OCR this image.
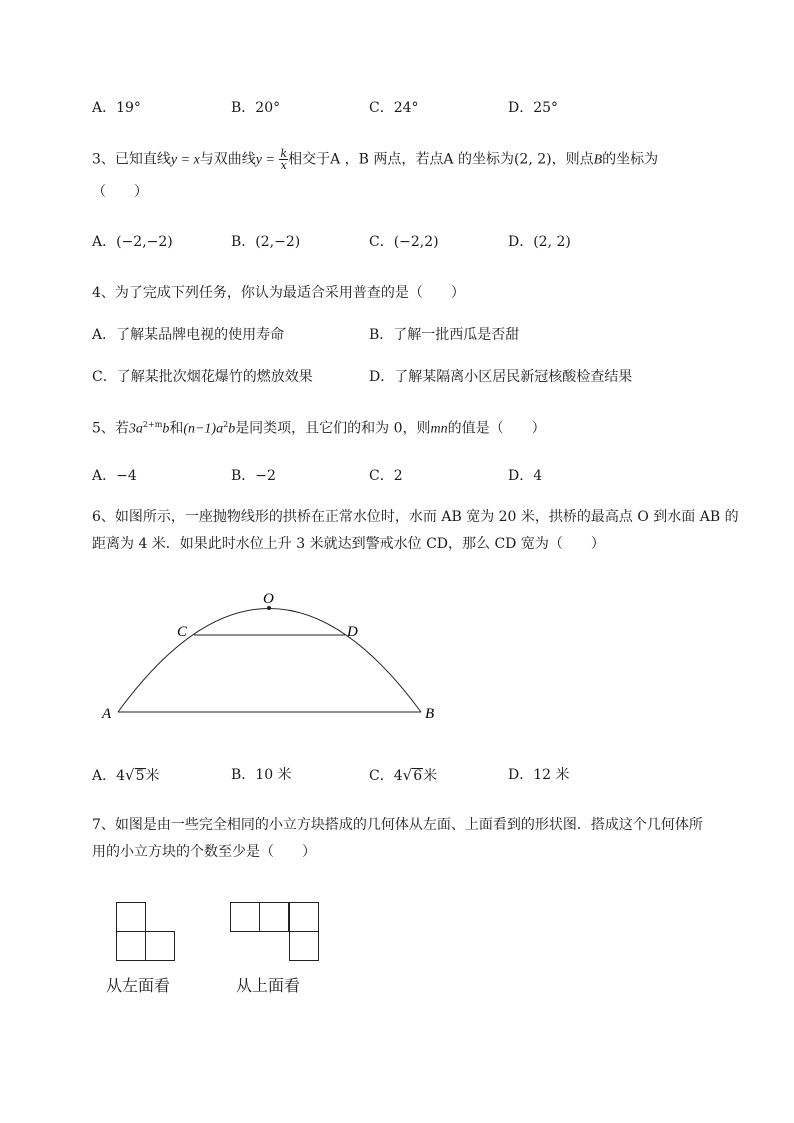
A．19°	B．20°	C．24°	D．25°
3、已知直线y = x与双曲线$y = \frac{k}{x}$ 相交于A ，B 两点，若点A 的坐标为(2, 2)，则点B的坐标为
（　　）
A．(−2,−2)	B．(2,−2)	C．(−2,2)	D．(2, 2)
4、为了完成下列任务，你认为最适合采用普查的是（　　）
A．了解某品牌电视的使用寿命	B．了解一批西瓜是否甜
C．了解某批次烟花爆竹的燃放效果	D．了解某隔离小区居民新冠核酸检查结果
5、若$3a^{2+m}b$和$(n-1)a^2b$是同类项，且它们的和为 0，则mn的值是（　　）
A．−4	B．−2	C．2	D．4
6、如图所示，一座抛物线形的拱桥在正常水位时，水而 AB 宽为 20 米，拱桥的最高点 O 到水面 AB 的
距离为 4 米．如果此时水位上升 3 米就达到警戒水位 CD，那么 CD 宽为（　　）
O
C	D
A	B
A．4√5米	B．10 米	C．4√6米	D．12 米
7、如图是由一些完全相同的小立方块搭成的几何体从左面、上面看到的形状图．搭成这个几何体所
用的小立方块的个数至少是（　　）
从左面看	从上面看
